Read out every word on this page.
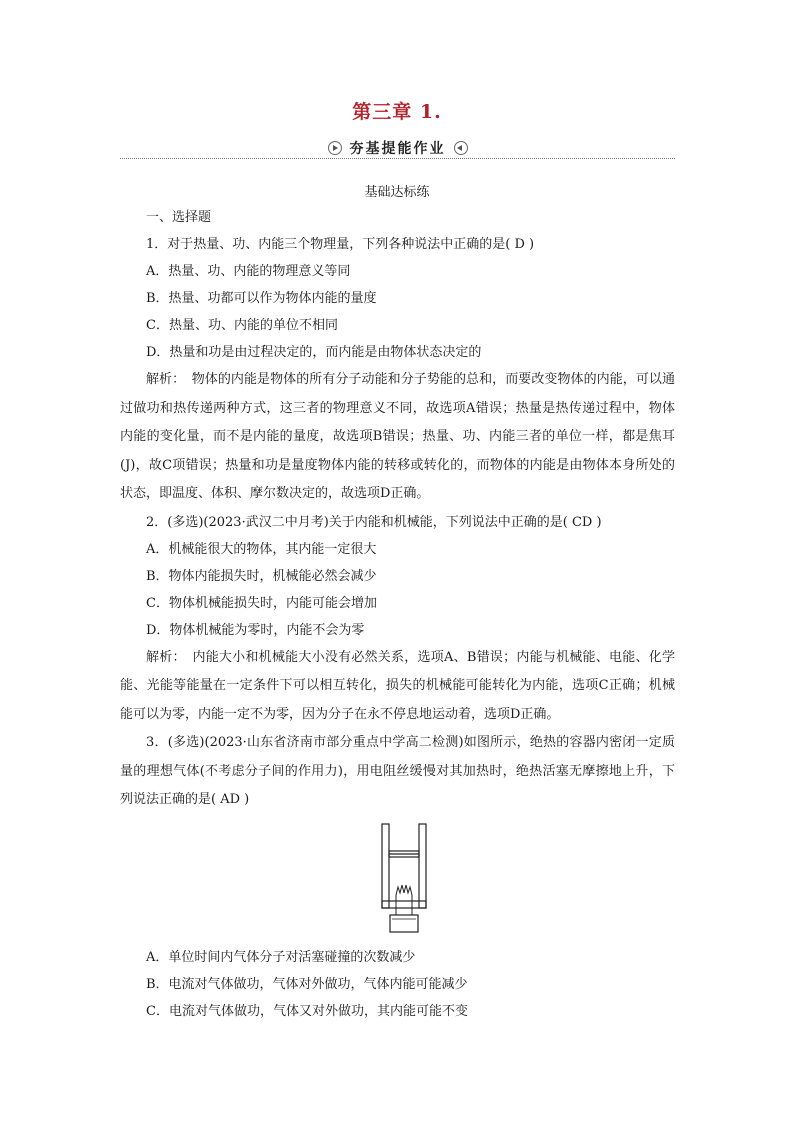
第三章 1.
夯基提能作业
基础达标练
一、选择题
1．对于热量、功、内能三个物理量，下列各种说法中正确的是( D )
A．热量、功、内能的物理意义等同
B．热量、功都可以作为物体内能的量度
C．热量、功、内能的单位不相同
D．热量和功是由过程决定的，而内能是由物体状态决定的
解析：　物体的内能是物体的所有分子动能和分子势能的总和，而要改变物体的内能，可以通过做功和热传递两种方式，这三者的物理意义不同，故选项A错误；热量是热传递过程中，物体内能的变化量，而不是内能的量度，故选项B错误；热量、功、内能三者的单位一样，都是焦耳(J)，故C项错误；热量和功是量度物体内能的转移或转化的，而物体的内能是由物体本身所处的状态，即温度、体积、摩尔数决定的，故选项D正确。
2．(多选)(2023·武汉二中月考)关于内能和机械能，下列说法中正确的是( CD )
A．机械能很大的物体，其内能一定很大
B．物体内能损失时，机械能必然会减少
C．物体机械能损失时，内能可能会增加
D．物体机械能为零时，内能不会为零
解析：　内能大小和机械能大小没有必然关系，选项A、B错误；内能与机械能、电能、化学能、光能等能量在一定条件下可以相互转化，损失的机械能可能转化为内能，选项C正确；机械能可以为零，内能一定不为零，因为分子在永不停息地运动着，选项D正确。
3．(多选)(2023·山东省济南市部分重点中学高二检测)如图所示，绝热的容器内密闭一定质量的理想气体(不考虑分子间的作用力)，用电阻丝缓慢对其加热时，绝热活塞无摩擦地上升，下列说法正确的是( AD )
A．单位时间内气体分子对活塞碰撞的次数减少
B．电流对气体做功，气体对外做功，气体内能可能减少
C．电流对气体做功，气体又对外做功，其内能可能不变
